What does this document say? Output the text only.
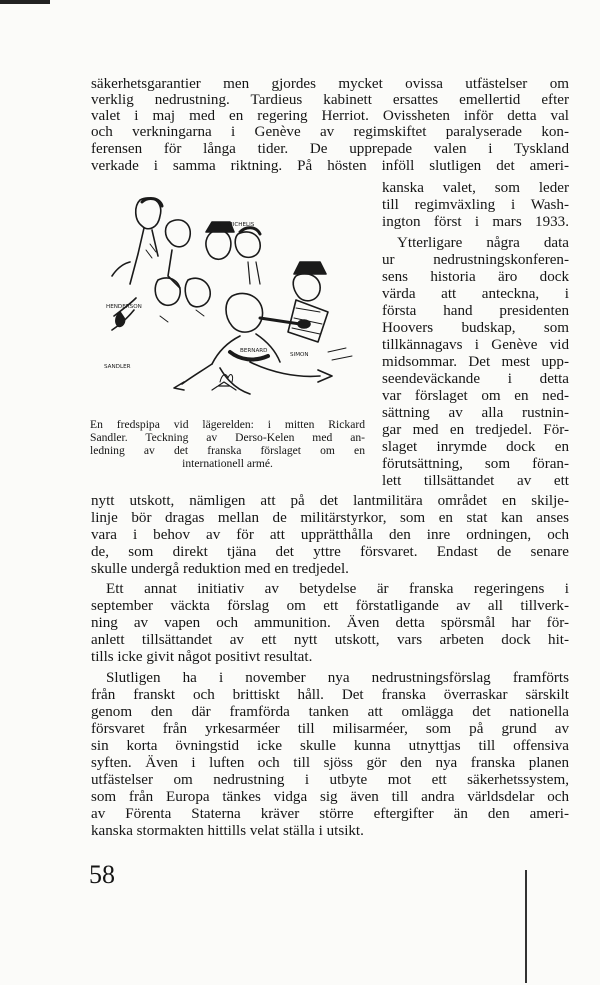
säkerhetsgarantier men gjordes mycket ovissa utfästelser om
verklig nedrustning. Tardieus kabinett ersattes emellertid efter
valet i maj med en regering Herriot. Ovissheten inför detta val
och verkningarna i Genève av regimskiftet paralyserade kon-
ferensen för långa tider. De upprepade valen i Tyskland
verkade i samma riktning. På hösten inföll slutligen det ameri-
kanska valet, som leder
till regimväxling i Wash-
ington först i mars 1933.
Ytterligare några data
ur nedrustningskonferen-
sens historia äro dock
värda att anteckna, i
första hand presidenten
Hoovers budskap, som
tillkännagavs i Genève vid
midsommar. Det mest upp-
seendeväckande i detta
var förslaget om en ned-
sättning av alla rustnin-
gar med en tredjedel. För-
slaget inrymde dock en
förutsättning, som föran-
lett tillsättandet av ett
ST. MICHELIS
HENDERSON
SANDLER
BERNARD
SIMON
En fredspipa vid lägerelden: i mitten Rickard
Sandler. Teckning av Derso-Kelen med an-
ledning av det franska förslaget om en
internationell armé.
nytt utskott, nämligen att på det lantmilitära området en skilje-
linje bör dragas mellan de militärstyrkor, som en stat kan anses
vara i behov av för att upprätthålla den inre ordningen, och
de, som direkt tjäna det yttre försvaret. Endast de senare
skulle undergå reduktion med en tredjedel.
Ett annat initiativ av betydelse är franska regeringens i
september väckta förslag om ett förstatligande av all tillverk-
ning av vapen och ammunition. Även detta spörsmål har för-
anlett tillsättandet av ett nytt utskott, vars arbeten dock hit-
tills icke givit något positivt resultat.
Slutligen ha i november nya nedrustningsförslag framförts
från franskt och brittiskt håll. Det franska överraskar särskilt
genom den där framförda tanken att omlägga det nationella
försvaret från yrkesarméer till milisarméer, som på grund av
sin korta övningstid icke skulle kunna utnyttjas till offensiva
syften. Även i luften och till sjöss gör den nya franska planen
utfästelser om nedrustning i utbyte mot ett säkerhetssystem,
som från Europa tänkes vidga sig även till andra världsdelar och
av Förenta Staterna kräver större eftergifter än den ameri-
kanska stormakten hittills velat ställa i utsikt.
58
